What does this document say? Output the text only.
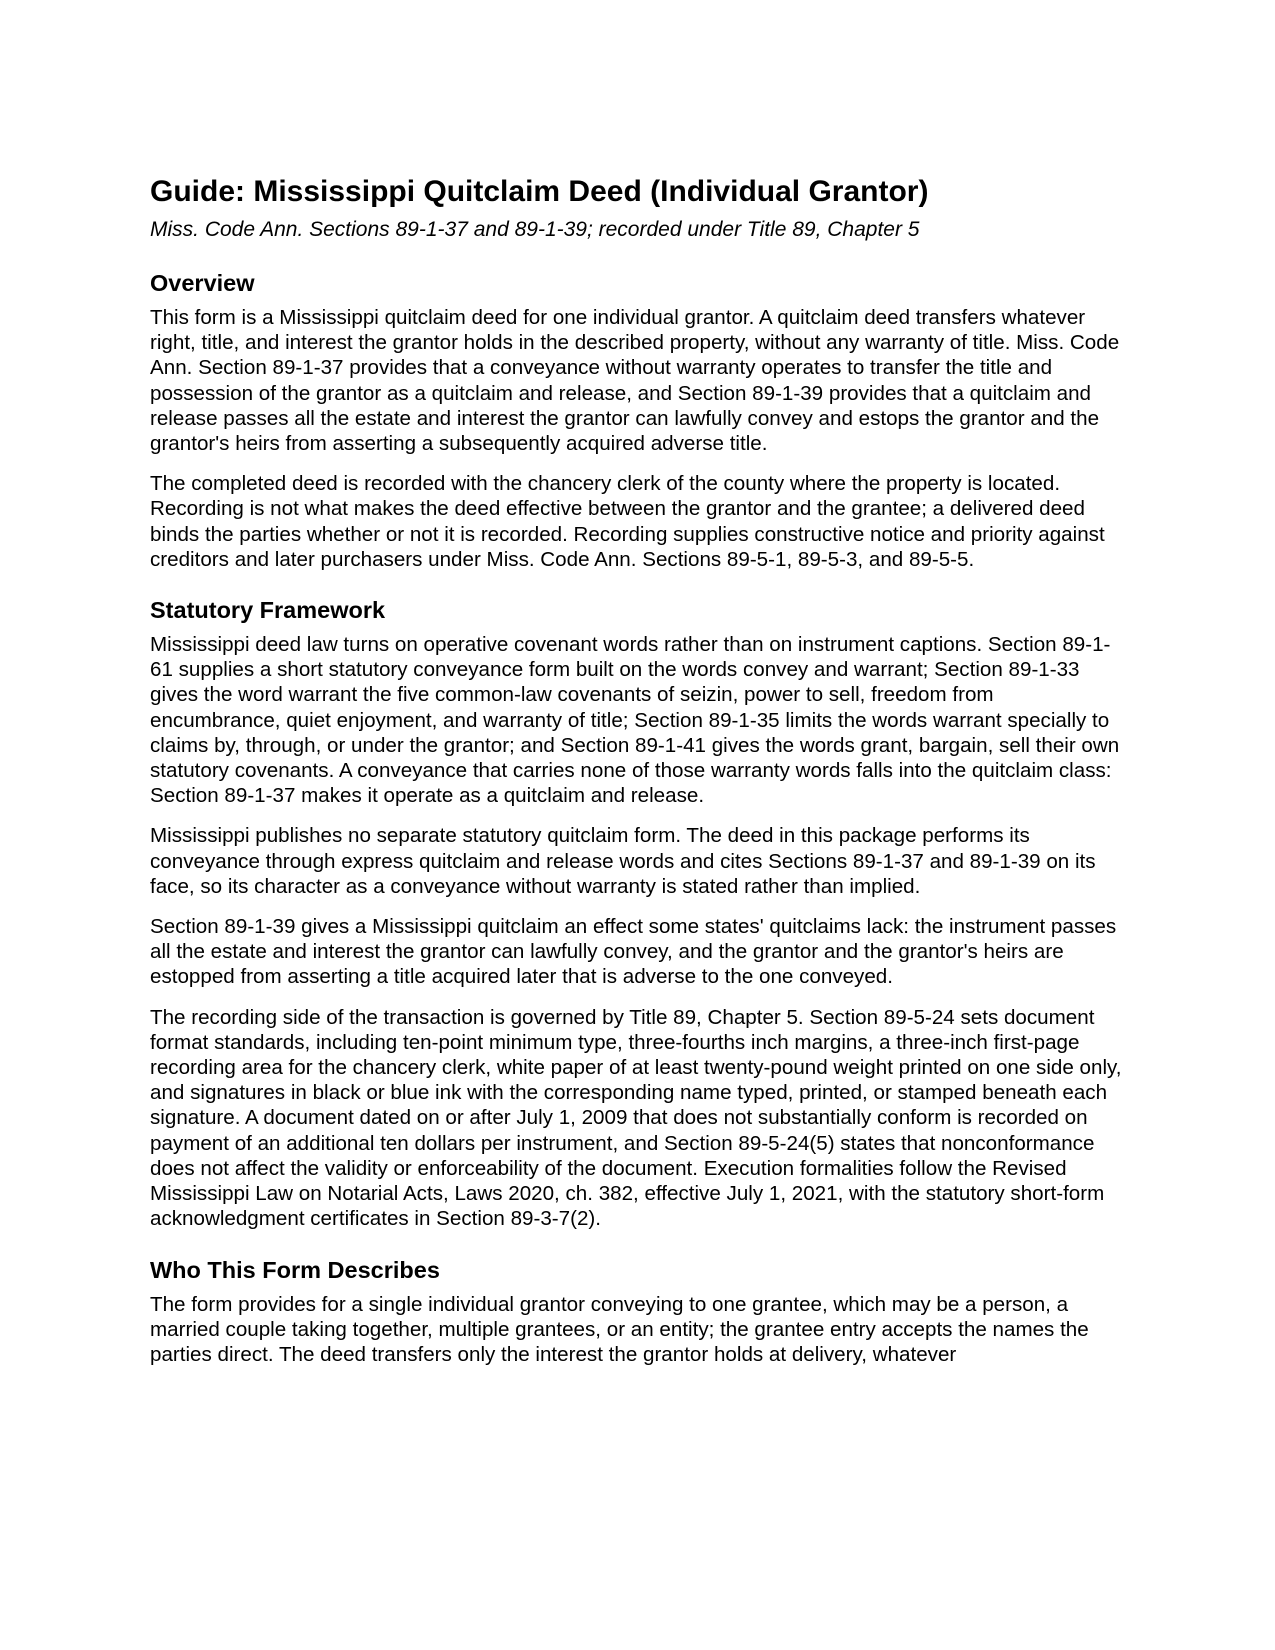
Guide: Mississippi Quitclaim Deed (Individual Grantor)
Miss. Code Ann. Sections 89-1-37 and 89-1-39; recorded under Title 89, Chapter 5
Overview

This form is a Mississippi quitclaim deed for one individual grantor. A quitclaim deed transfers whatever right, title, and interest the grantor holds in the described property, without any warranty of title. Miss. Code Ann. Section 89-1-37 provides that a conveyance without warranty operates to transfer the title and possession of the grantor as a quitclaim and release, and Section 89-1-39 provides that a quitclaim and release passes all the estate and interest the grantor can lawfully convey and estops the grantor and the grantor's heirs from asserting a subsequently acquired adverse title.

The completed deed is recorded with the chancery clerk of the county where the property is located. Recording is not what makes the deed effective between the grantor and the grantee; a delivered deed binds the parties whether or not it is recorded. Recording supplies constructive notice and priority against creditors and later purchasers under Miss. Code Ann. Sections 89-5-1, 89-5-3, and 89-5-5.

Statutory Framework

Mississippi deed law turns on operative covenant words rather than on instrument captions. Section 89-1-61 supplies a short statutory conveyance form built on the words convey and warrant; Section 89-1-33 gives the word warrant the five common-law covenants of seizin, power to sell, freedom from encumbrance, quiet enjoyment, and warranty of title; Section 89-1-35 limits the words warrant specially to claims by, through, or under the grantor; and Section 89-1-41 gives the words grant, bargain, sell their own statutory covenants. A conveyance that carries none of those warranty words falls into the quitclaim class: Section 89-1-37 makes it operate as a quitclaim and release.

Mississippi publishes no separate statutory quitclaim form. The deed in this package performs its conveyance through express quitclaim and release words and cites Sections 89-1-37 and 89-1-39 on its face, so its character as a conveyance without warranty is stated rather than implied.

Section 89-1-39 gives a Mississippi quitclaim an effect some states' quitclaims lack: the instrument passes all the estate and interest the grantor can lawfully convey, and the grantor and the grantor's heirs are estopped from asserting a title acquired later that is adverse to the one conveyed.

The recording side of the transaction is governed by Title 89, Chapter 5. Section 89-5-24 sets document format standards, including ten-point minimum type, three-fourths inch margins, a three-inch first-page recording area for the chancery clerk, white paper of at least twenty-pound weight printed on one side only, and signatures in black or blue ink with the corresponding name typed, printed, or stamped beneath each signature. A document dated on or after July 1, 2009 that does not substantially conform is recorded on payment of an additional ten dollars per instrument, and Section 89-5-24(5) states that nonconformance does not affect the validity or enforceability of the document. Execution formalities follow the Revised Mississippi Law on Notarial Acts, Laws 2020, ch. 382, effective July 1, 2021, with the statutory short-form acknowledgment certificates in Section 89-3-7(2).

Who This Form Describes

The form provides for a single individual grantor conveying to one grantee, which may be a person, a married couple taking together, multiple grantees, or an entity; the grantee entry accepts the names the parties direct. The deed transfers only the interest the grantor holds at delivery, whatever
